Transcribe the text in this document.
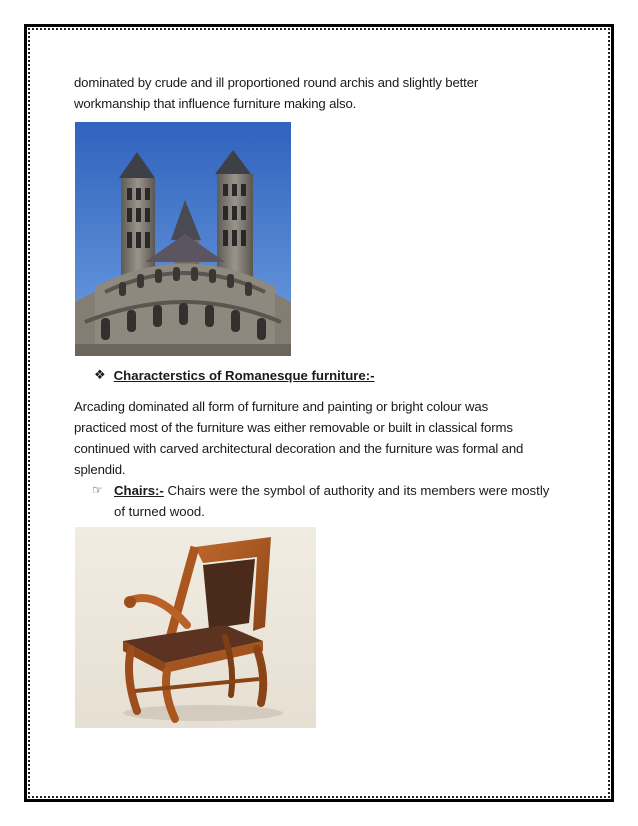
dominated by crude and ill proportioned round archis and slightly better
workmanship that influence furniture making also.

❖ Characterstics of Romanesque furniture:-

Arcading dominated all form of furniture and painting or bright colour was
practiced most of the furniture was either removable or built in classical forms
continued with carved architectural decoration and the furniture was formal and
splendid.

☞ Chairs:- Chairs were the symbol of authority and its members were mostly
of turned wood.
